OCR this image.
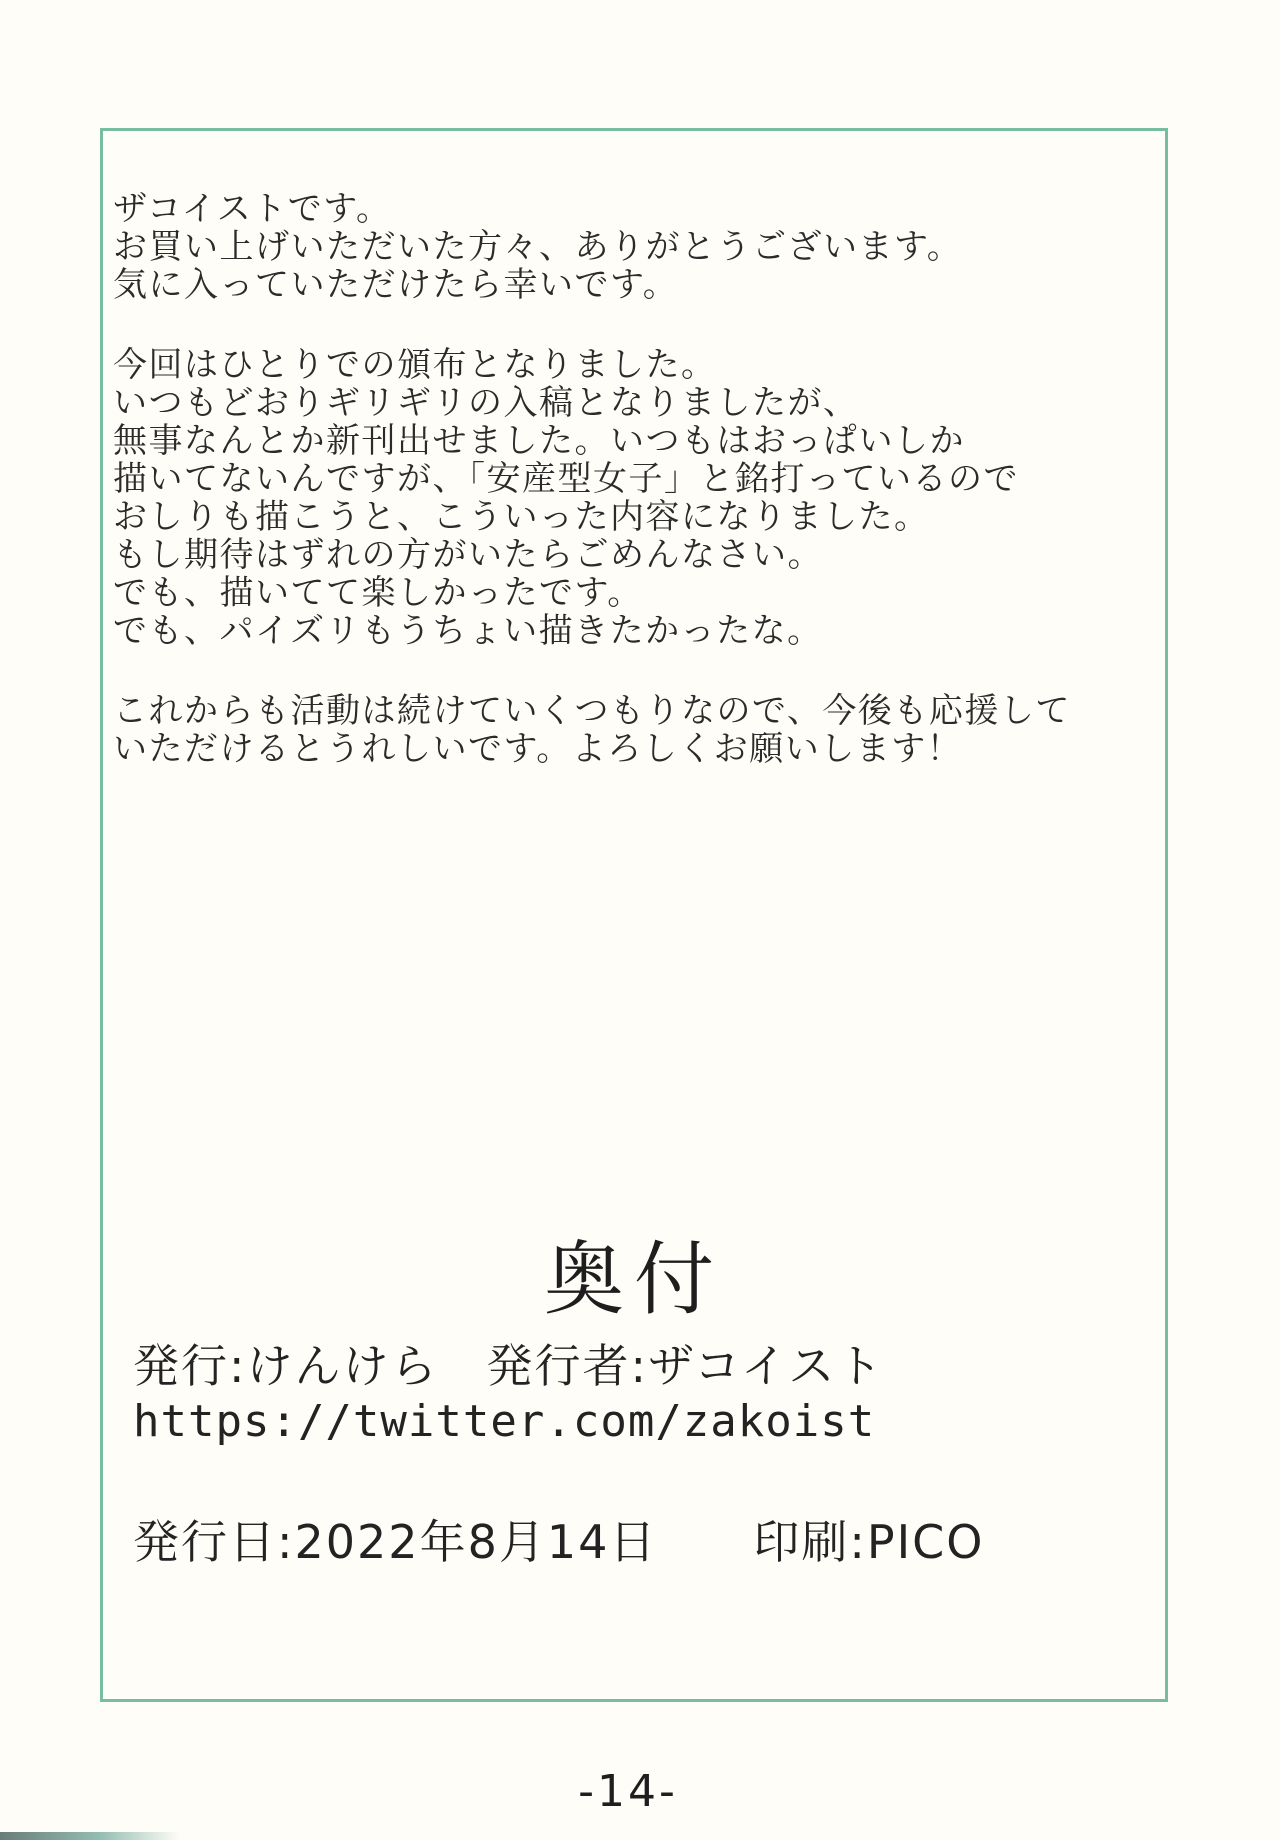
ザコイストです。
お買い上げいただいた方々、ありがとうございます。
気に入っていただけたら幸いです。
今回はひとりでの頒布となりました。
いつもどおりギリギリの入稿となりましたが、
無事なんとか新刊出せました。いつもはおっぱいしか
描いてないんですが、「安産型女子」と銘打っているので
おしりも描こうと、こういった内容になりました。
もし期待はずれの方がいたらごめんなさい。
でも、描いてて楽しかったです。
でも、パイズリもうちょい描きたかったな。
これからも活動は続けていくつもりなので、今後も応援して
いただけるとうれしいです。よろしくお願いします！
奥付
発行:けんけら　発行者:ザコイスト
https://twitter.com/zakoist
発行日:2022年8月14日　　印刷:PICO
-14-
